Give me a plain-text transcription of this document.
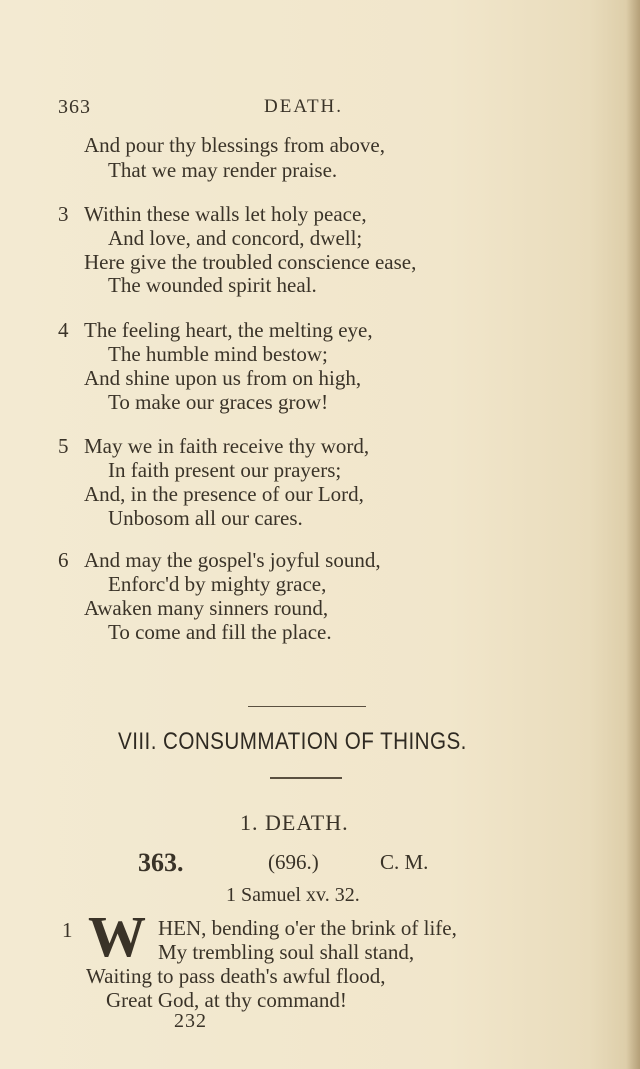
363	DEATH.
And pour thy blessings from above,
That we may render praise.
3 Within these walls let holy peace,
And love, and concord, dwell;
Here give the troubled conscience ease,
The wounded spirit heal.
4 The feeling heart, the melting eye,
The humble mind bestow;
And shine upon us from on high,
To make our graces grow!
5 May we in faith receive thy word,
In faith present our prayers;
And, in the presence of our Lord,
Unbosom all our cares.
6 And may the gospel's joyful sound,
Enforc'd by mighty grace,
Awaken many sinners round,
To come and fill the place.
VIII. CONSUMMATION OF THINGS.
1. DEATH.
363.	(696.)	C. M.
1 Samuel xv. 32.
1 W HEN, bending o'er the brink of life,
My trembling soul shall stand,
Waiting to pass death's awful flood,
Great God, at thy command!
232
